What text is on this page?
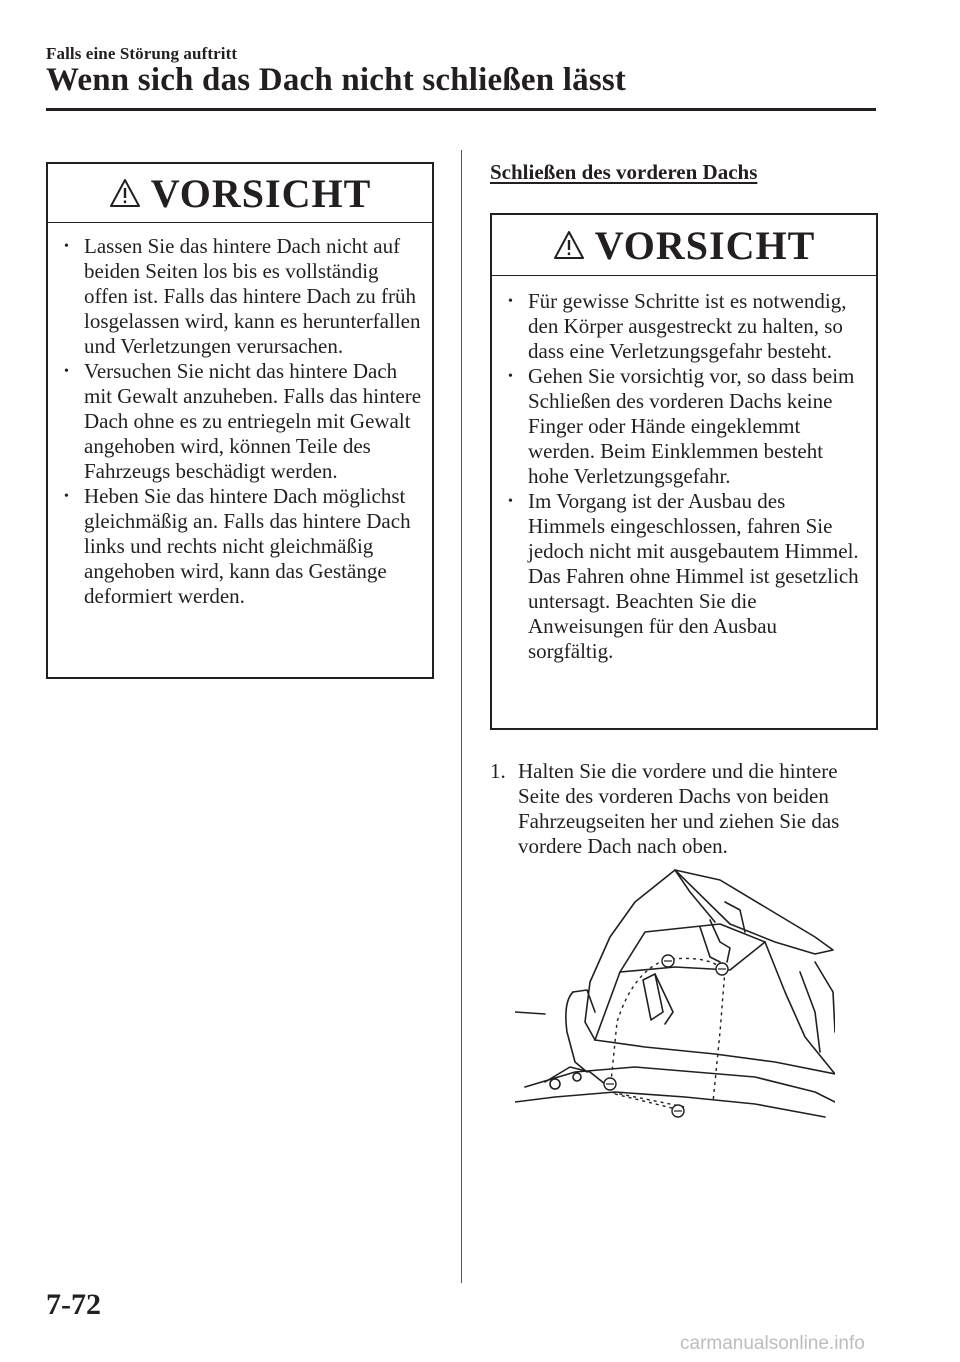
Falls eine Störung auftritt
Wenn sich das Dach nicht schließen lässt
VORSICHT
• Lassen Sie das hintere Dach nicht auf beiden Seiten los bis es vollständig offen ist. Falls das hintere Dach zu früh losgelassen wird, kann es herunterfallen und Verletzungen verursachen.
• Versuchen Sie nicht das hintere Dach mit Gewalt anzuheben. Falls das hintere Dach ohne es zu entriegeln mit Gewalt angehoben wird, können Teile des Fahrzeugs beschädigt werden.
• Heben Sie das hintere Dach möglichst gleichmäßig an. Falls das hintere Dach links und rechts nicht gleichmäßig angehoben wird, kann das Gestänge deformiert werden.
Schließen des vorderen Dachs
VORSICHT
• Für gewisse Schritte ist es notwendig, den Körper ausgestreckt zu halten, so dass eine Verletzungsgefahr besteht.
• Gehen Sie vorsichtig vor, so dass beim Schließen des vorderen Dachs keine Finger oder Hände eingeklemmt werden. Beim Einklemmen besteht hohe Verletzungsgefahr.
• Im Vorgang ist der Ausbau des Himmels eingeschlossen, fahren Sie jedoch nicht mit ausgebautem Himmel. Das Fahren ohne Himmel ist gesetzlich untersagt. Beachten Sie die Anweisungen für den Ausbau sorgfältig.
1. Halten Sie die vordere und die hintere Seite des vorderen Dachs von beiden Fahrzeugseiten her und ziehen Sie das vordere Dach nach oben.
7-72
carmanualsonline.info
